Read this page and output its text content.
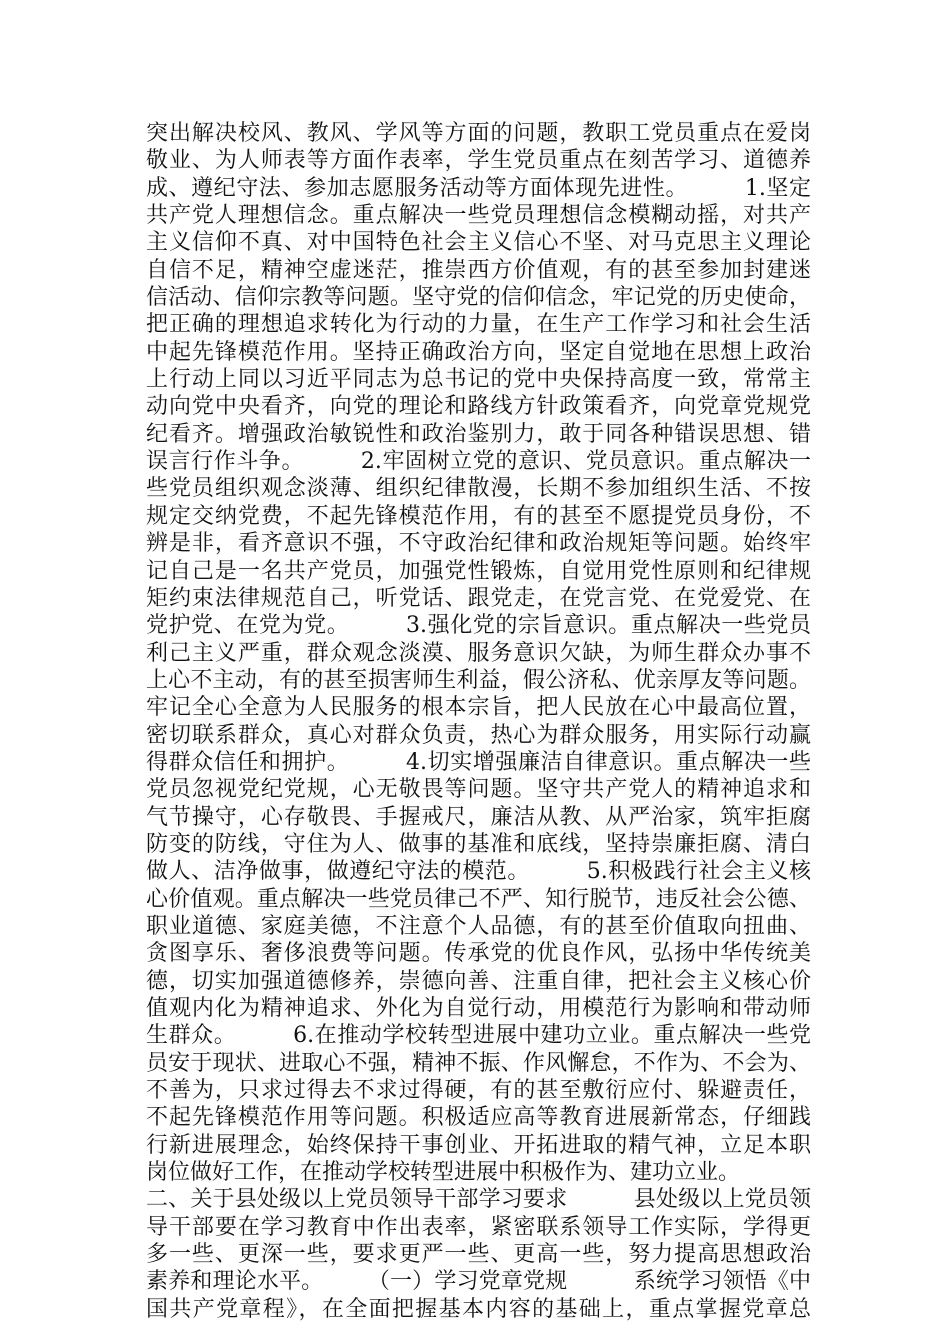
突出解决校风、教风、学风等方面的问题，教职工党员重点在爱岗
敬业、为人师表等方面作表率，学生党员重点在刻苦学习、道德养
成、遵纪守法、参加志愿服务活动等方面体现先进性。　　　1.坚定
共产党人理想信念。重点解决一些党员理想信念模糊动摇，对共产
主义信仰不真、对中国特色社会主义信心不坚、对马克思主义理论
自信不足，精神空虚迷茫，推崇西方价值观，有的甚至参加封建迷
信活动、信仰宗教等问题。坚守党的信仰信念，牢记党的历史使命，
把正确的理想追求转化为行动的力量，在生产工作学习和社会生活
中起先锋模范作用。坚持正确政治方向，坚定自觉地在思想上政治
上行动上同以习近平同志为总书记的党中央保持高度一致，常常主
动向党中央看齐，向党的理论和路线方针政策看齐，向党章党规党
纪看齐。增强政治敏锐性和政治鉴别力，敢于同各种错误思想、错
误言行作斗争。　　　2.牢固树立党的意识、党员意识。重点解决一
些党员组织观念淡薄、组织纪律散漫，长期不参加组织生活、不按
规定交纳党费，不起先锋模范作用，有的甚至不愿提党员身份，不
辨是非，看齐意识不强，不守政治纪律和政治规矩等问题。始终牢
记自己是一名共产党员，加强党性锻炼，自觉用党性原则和纪律规
矩约束法律规范自己，听党话、跟党走，在党言党、在党爱党、在
党护党、在党为党。　　　3.强化党的宗旨意识。重点解决一些党员
利己主义严重，群众观念淡漠、服务意识欠缺，为师生群众办事不
上心不主动，有的甚至损害师生利益，假公济私、优亲厚友等问题。
牢记全心全意为人民服务的根本宗旨，把人民放在心中最高位置，
密切联系群众，真心对群众负责，热心为群众服务，用实际行动赢
得群众信任和拥护。　　　4.切实增强廉洁自律意识。重点解决一些
党员忽视党纪党规，心无敬畏等问题。坚守共产党人的精神追求和
气节操守，心存敬畏、手握戒尺，廉洁从教、从严治家，筑牢拒腐
防变的防线，守住为人、做事的基准和底线，坚持崇廉拒腐、清白
做人、洁净做事，做遵纪守法的模范。　　　5.积极践行社会主义核
心价值观。重点解决一些党员律己不严、知行脱节，违反社会公德、
职业道德、家庭美德，不注意个人品德，有的甚至价值取向扭曲、
贪图享乐、奢侈浪费等问题。传承党的优良作风，弘扬中华传统美
德，切实加强道德修养，崇德向善、注重自律，把社会主义核心价
值观内化为精神追求、外化为自觉行动，用模范行为影响和带动师
生群众。　　　6.在推动学校转型进展中建功立业。重点解决一些党
员安于现状、进取心不强，精神不振、作风懈怠，不作为、不会为、
不善为，只求过得去不求过得硬，有的甚至敷衍应付、躲避责任，
不起先锋模范作用等问题。积极适应高等教育进展新常态，仔细践
行新进展理念，始终保持干事创业、开拓进取的精气神，立足本职
岗位做好工作，在推动学校转型进展中积极作为、建功立业。
二、关于县处级以上党员领导干部学习要求　　　县处级以上党员领
导干部要在学习教育中作出表率，紧密联系领导工作实际，学得更
多一些、更深一些，要求更严一些、更高一些，努力提高思想政治
素养和理论水平。　　　（一）学习党章党规　　　系统学习领悟《中
国共产党章程》，在全面把握基本内容的基础上，重点掌握党章总
